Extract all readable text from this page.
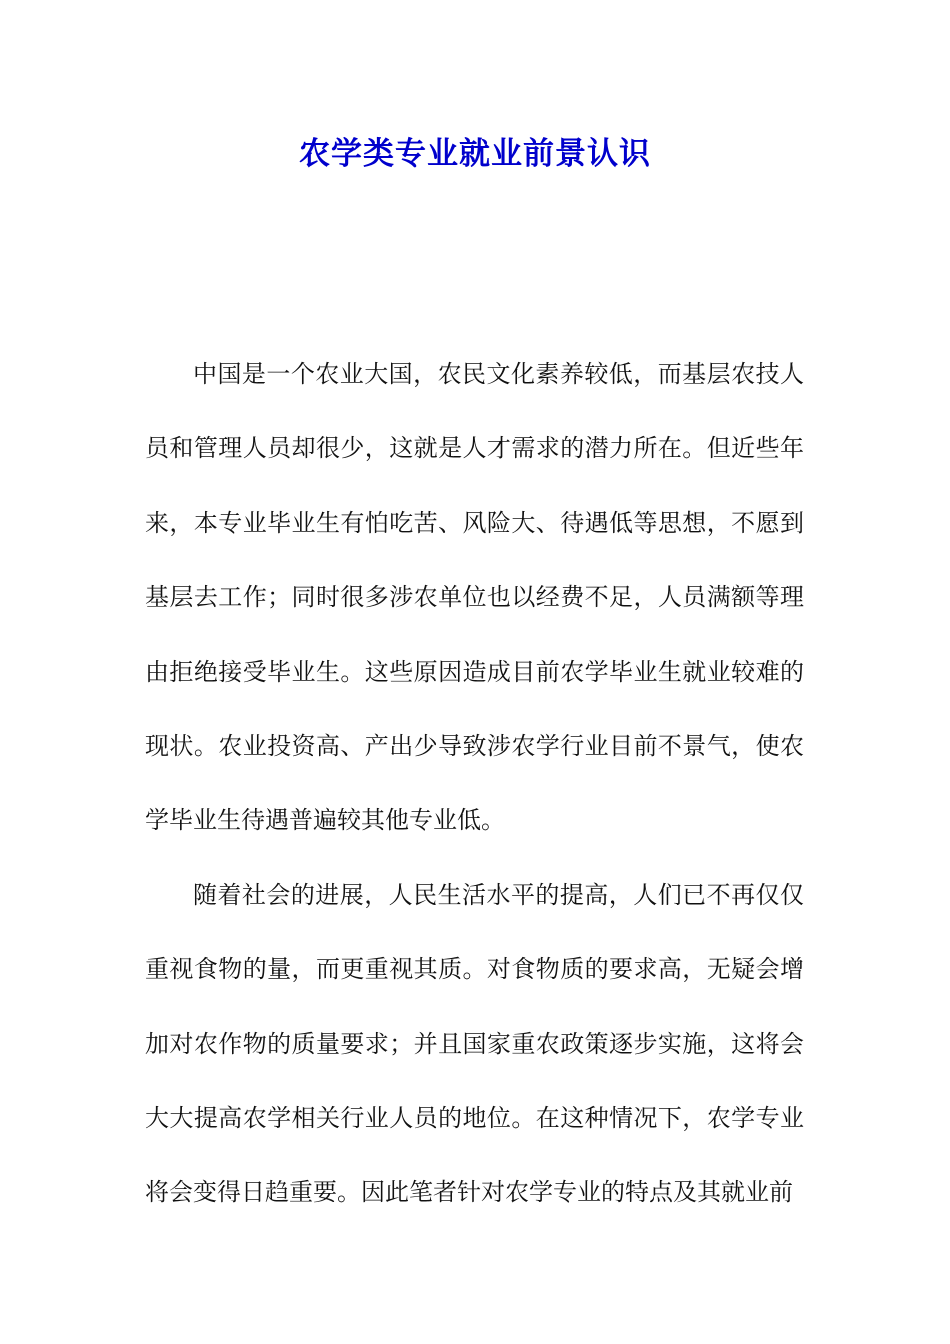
农学类专业就业前景认识

中国是一个农业大国，农民文化素养较低，而基层农技人员和管理人员却很少，这就是人才需求的潜力所在。但近些年来，本专业毕业生有怕吃苦、风险大、待遇低等思想，不愿到基层去工作；同时很多涉农单位也以经费不足，人员满额等理由拒绝接受毕业生。这些原因造成目前农学毕业生就业较难的现状。农业投资高、产出少导致涉农学行业目前不景气，使农学毕业生待遇普遍较其他专业低。

随着社会的进展，人民生活水平的提高，人们已不再仅仅重视食物的量，而更重视其质。对食物质的要求高，无疑会增加对农作物的质量要求；并且国家重农政策逐步实施，这将会大大提高农学相关行业人员的地位。在这种情况下，农学专业将会变得日趋重要。因此笔者针对农学专业的特点及其就业前
